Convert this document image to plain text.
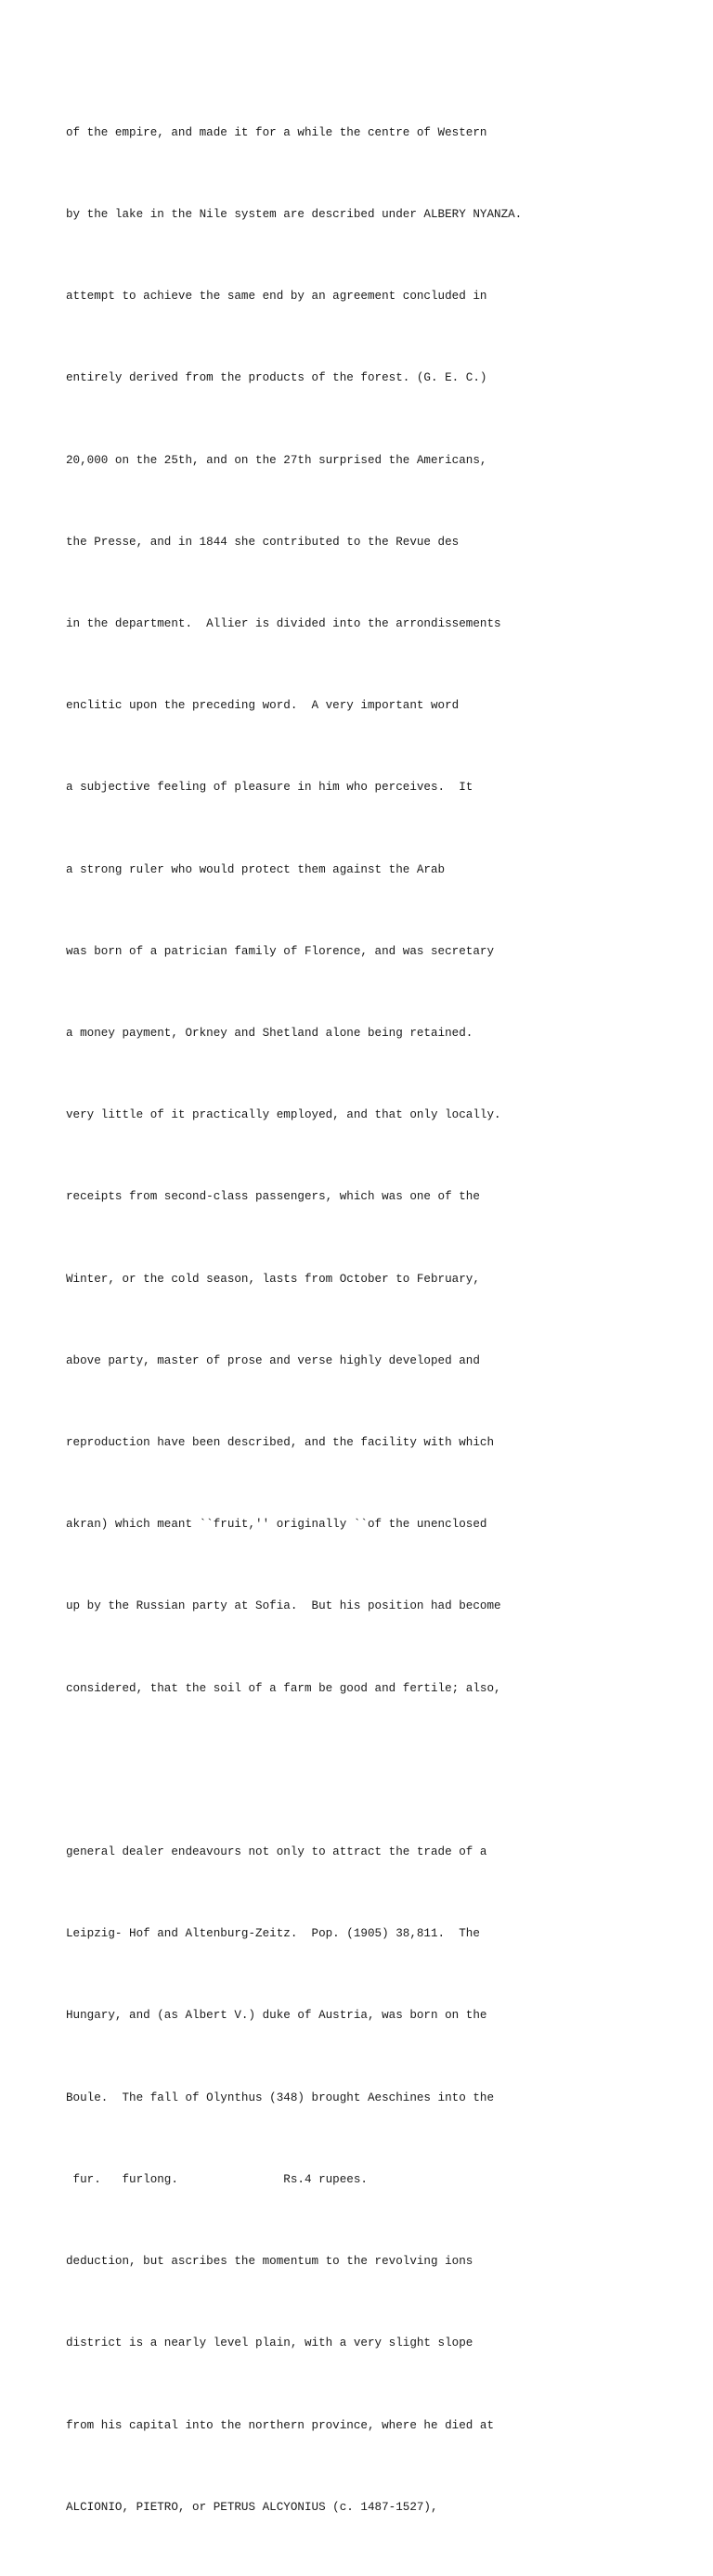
of the empire, and made it for a while the centre of Western

by the lake in the Nile system are described under ALBERY NYANZA.

attempt to achieve the same end by an agreement concluded in

entirely derived from the products of the forest. (G. E. C.)

20,000 on the 25th, and on the 27th surprised the Americans,

the Presse, and in 1844 she contributed to the Revue des

in the department.  Allier is divided into the arrondissements

enclitic upon the preceding word.  A very important word

a subjective feeling of pleasure in him who perceives.  It

a strong ruler who would protect them against the Arab

was born of a patrician family of Florence, and was secretary

a money payment, Orkney and Shetland alone being retained.

very little of it practically employed, and that only locally.

receipts from second-class passengers, which was one of the

Winter, or the cold season, lasts from October to February,

above party, master of prose and verse highly developed and

reproduction have been described, and the facility with which

akran) which meant ``fruit,'' originally ``of the unenclosed

up by the Russian party at Sofia.  But his position had become

considered, that the soil of a farm be good and fertile; also,

general dealer endeavours not only to attract the trade of a

Leipzig- Hof and Altenburg-Zeitz.  Pop. (1905) 38,811.  The

Hungary, and (as Albert V.) duke of Austria, was born on the

Boule.  The fall of Olynthus (348) brought Aeschines into the

fur.   furlong.               Rs.4 rupees.

deduction, but ascribes the momentum to the revolving ions

district is a nearly level plain, with a very slight slope

from his capital into the northern province, where he died at

ALCIONIO, PIETRO, or PETRUS ALCYONIUS (c. 1487-1527),
